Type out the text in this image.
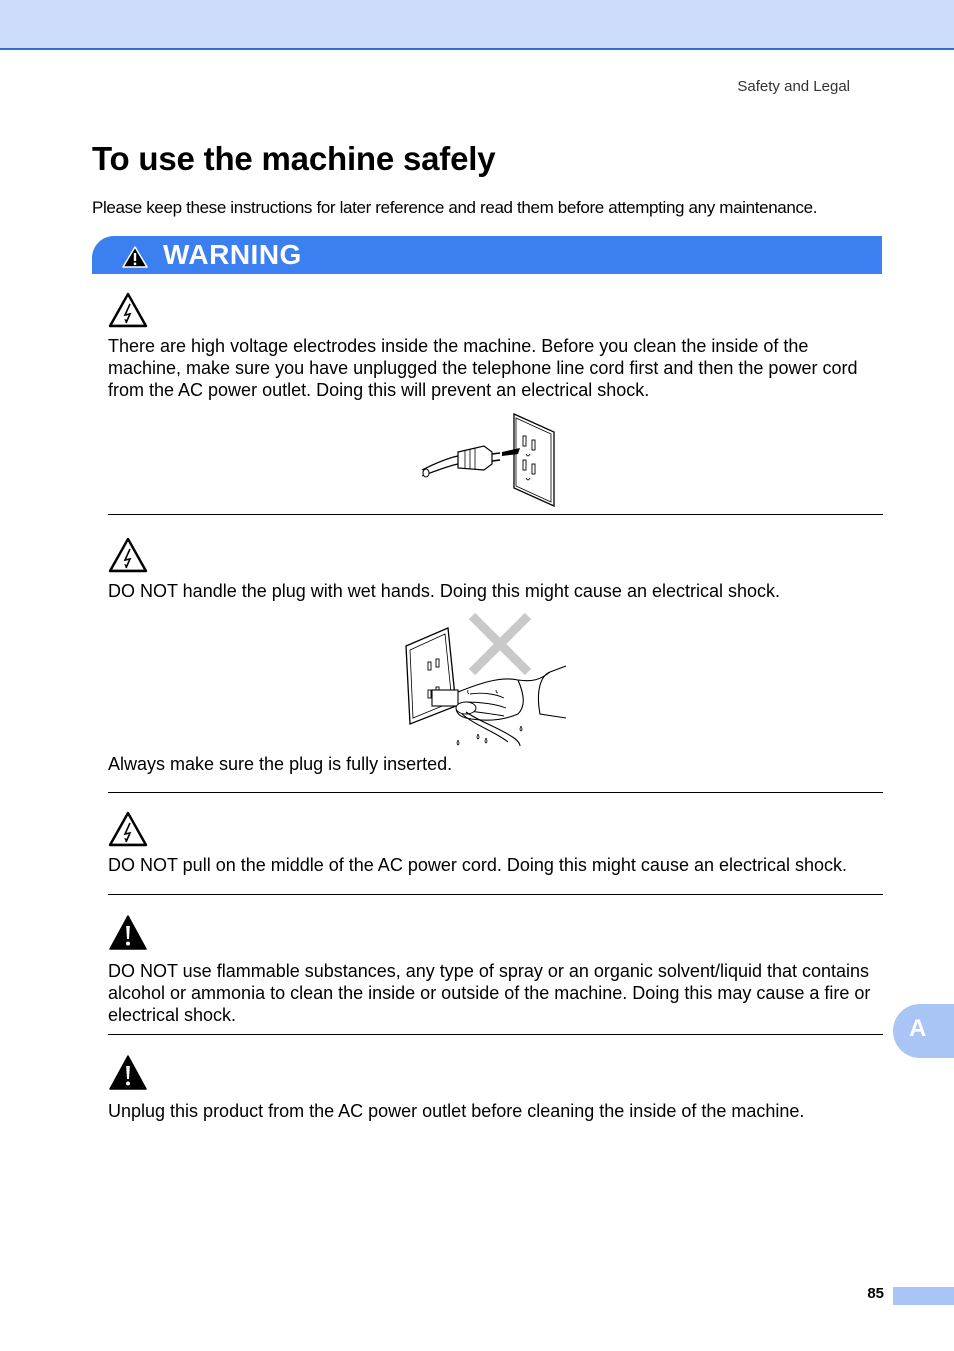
Safety and Legal
To use the machine safely
Please keep these instructions for later reference and read them before attempting any maintenance.
WARNING
There are high voltage electrodes inside the machine. Before you clean the inside of the machine, make sure you have unplugged the telephone line cord first and then the power cord from the AC power outlet. Doing this will prevent an electrical shock.
DO NOT handle the plug with wet hands. Doing this might cause an electrical shock.
Always make sure the plug is fully inserted.
DO NOT pull on the middle of the AC power cord. Doing this might cause an electrical shock.
DO NOT use flammable substances, any type of spray or an organic solvent/liquid that contains alcohol or ammonia to clean the inside or outside of the machine. Doing this may cause a fire or electrical shock.
Unplug this product from the AC power outlet before cleaning the inside of the machine.
A
85
